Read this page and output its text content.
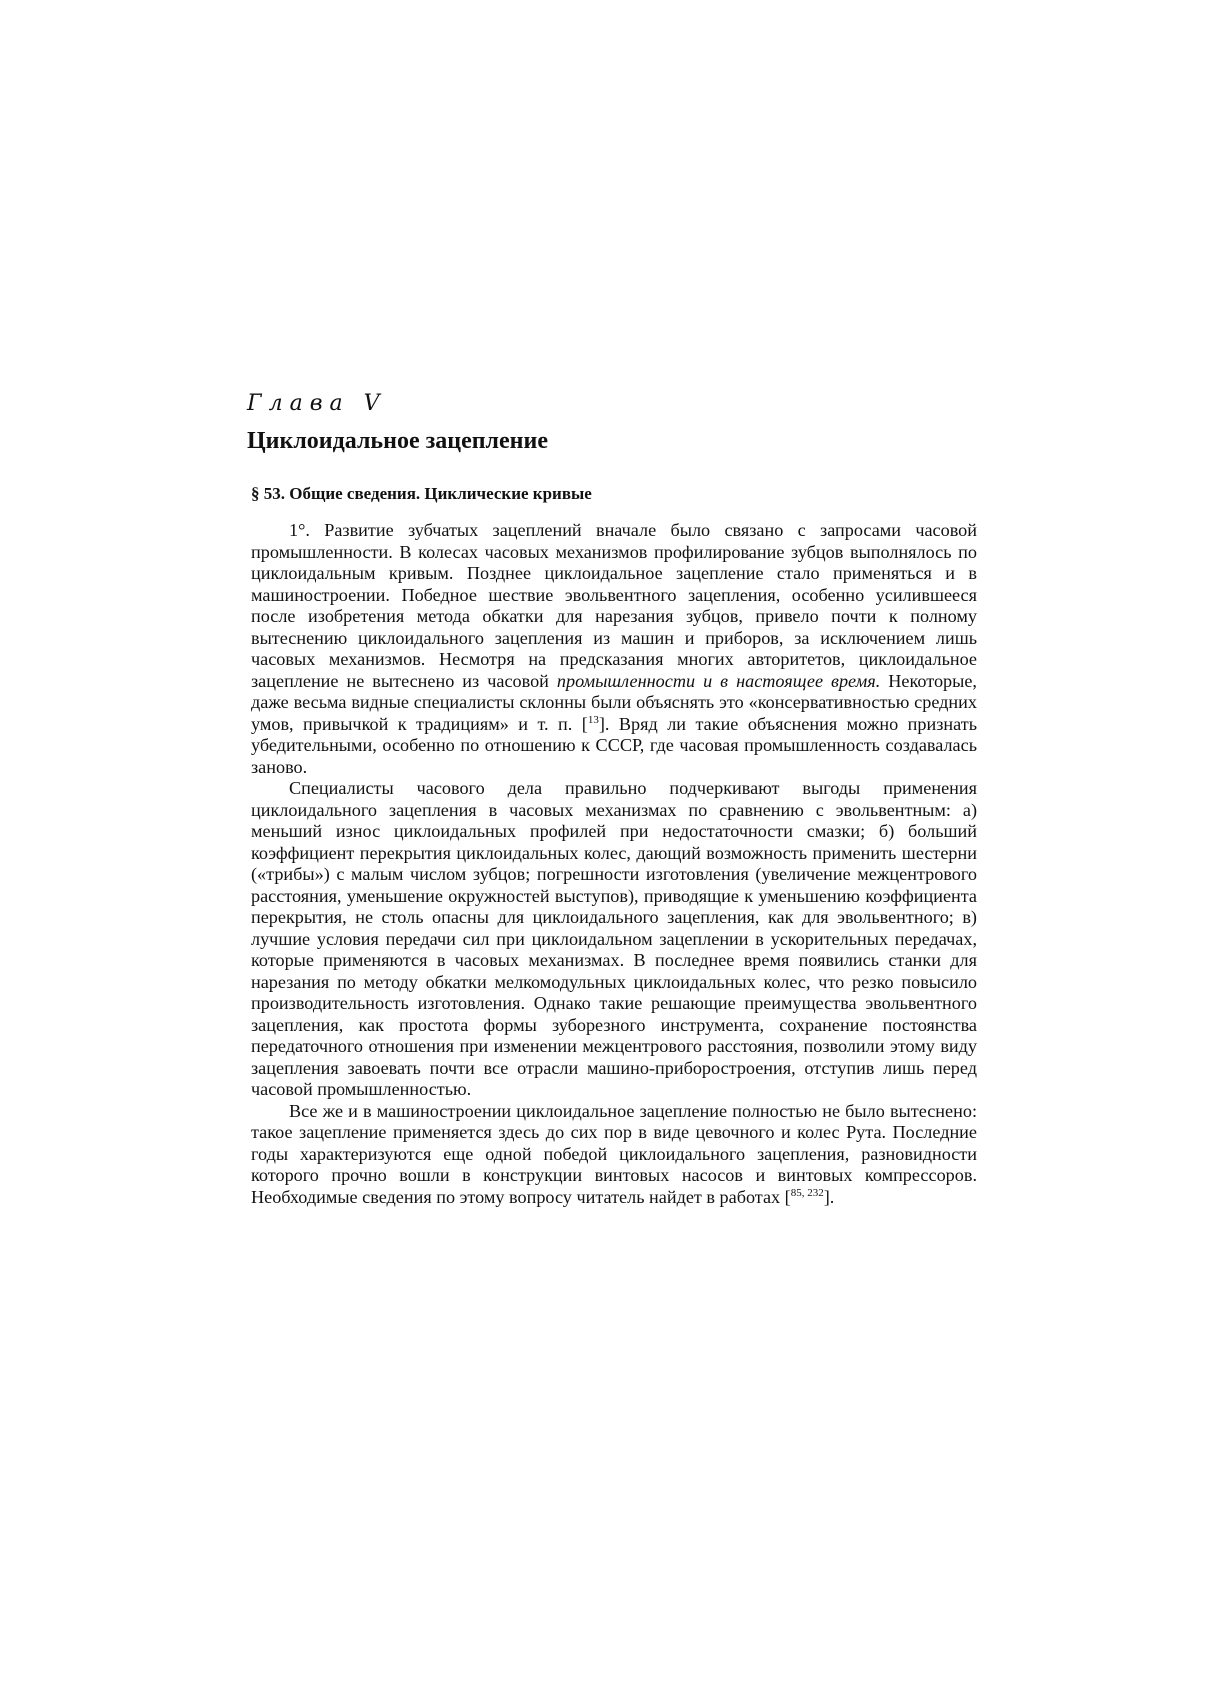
Глава V
Циклоидальное зацепление
§ 53. Общие сведения. Циклические кривые

1°. Развитие зубчатых зацеплений вначале было связано с запросами часовой промышленности. В колесах часовых механизмов профилирование зубцов выполнялось по циклоидальным кривым. Позднее циклоидальное зацепление стало применяться и в машиностроении. Победное шествие эвольвентного зацепления, особенно усилившееся после изобретения метода обкатки для нарезания зубцов, привело почти к полному вытеснению циклоидального зацепления из машин и приборов, за исключением лишь часовых механизмов. Несмотря на предсказания многих авторитетов, циклоидальное зацепление не вытеснено из часовой промышленности и в настоящее время. Некоторые, даже весьма видные специалисты склонны были объяснять это «консервативностью средних умов, привычкой к традициям» и т. п. [$^{13}$]. Вряд ли такие объяснения можно признать убедительными, особенно по отношению к СССР, где часовая промышленность создавалась заново.

Специалисты часового дела правильно подчеркивают выгоды применения циклоидального зацепления в часовых механизмах по сравнению с эвольвентным: а) меньший износ циклоидальных профилей при недостаточности смазки; б) больший коэффициент перекрытия циклоидальных колес, дающий возможность применить шестерни («трибы») с малым числом зубцов; погрешности изготовления (увеличение межцентрового расстояния, уменьшение окружностей выступов), приводящие к уменьшению коэффициента перекрытия, не столь опасны для циклоидального зацепления, как для эвольвентного; в) лучшие условия передачи сил при циклоидальном зацеплении в ускорительных передачах, которые применяются в часовых механизмах. В последнее время появились станки для нарезания по методу обкатки мелкомодульных циклоидальных колес, что резко повысило производительность изготовления. Однако такие решающие преимущества эвольвентного зацепления, как простота формы зуборезного инструмента, сохранение постоянства передаточного отношения при изменении межцентрового расстояния, позволили этому виду зацепления завоевать почти все отрасли машино-приборостроения, отступив лишь перед часовой промышленностью.

Все же и в машиностроении циклоидальное зацепление полностью не было вытеснено: такое зацепление применяется здесь до сих пор в виде цевочного и колес Рута. Последние годы характеризуются еще одной победой циклоидального зацепления, разновидности которого прочно вошли в конструкции винтовых насосов и винтовых компрессоров. Необходимые сведения по этому вопросу читатель найдет в работах [$^{85, 232}$].
